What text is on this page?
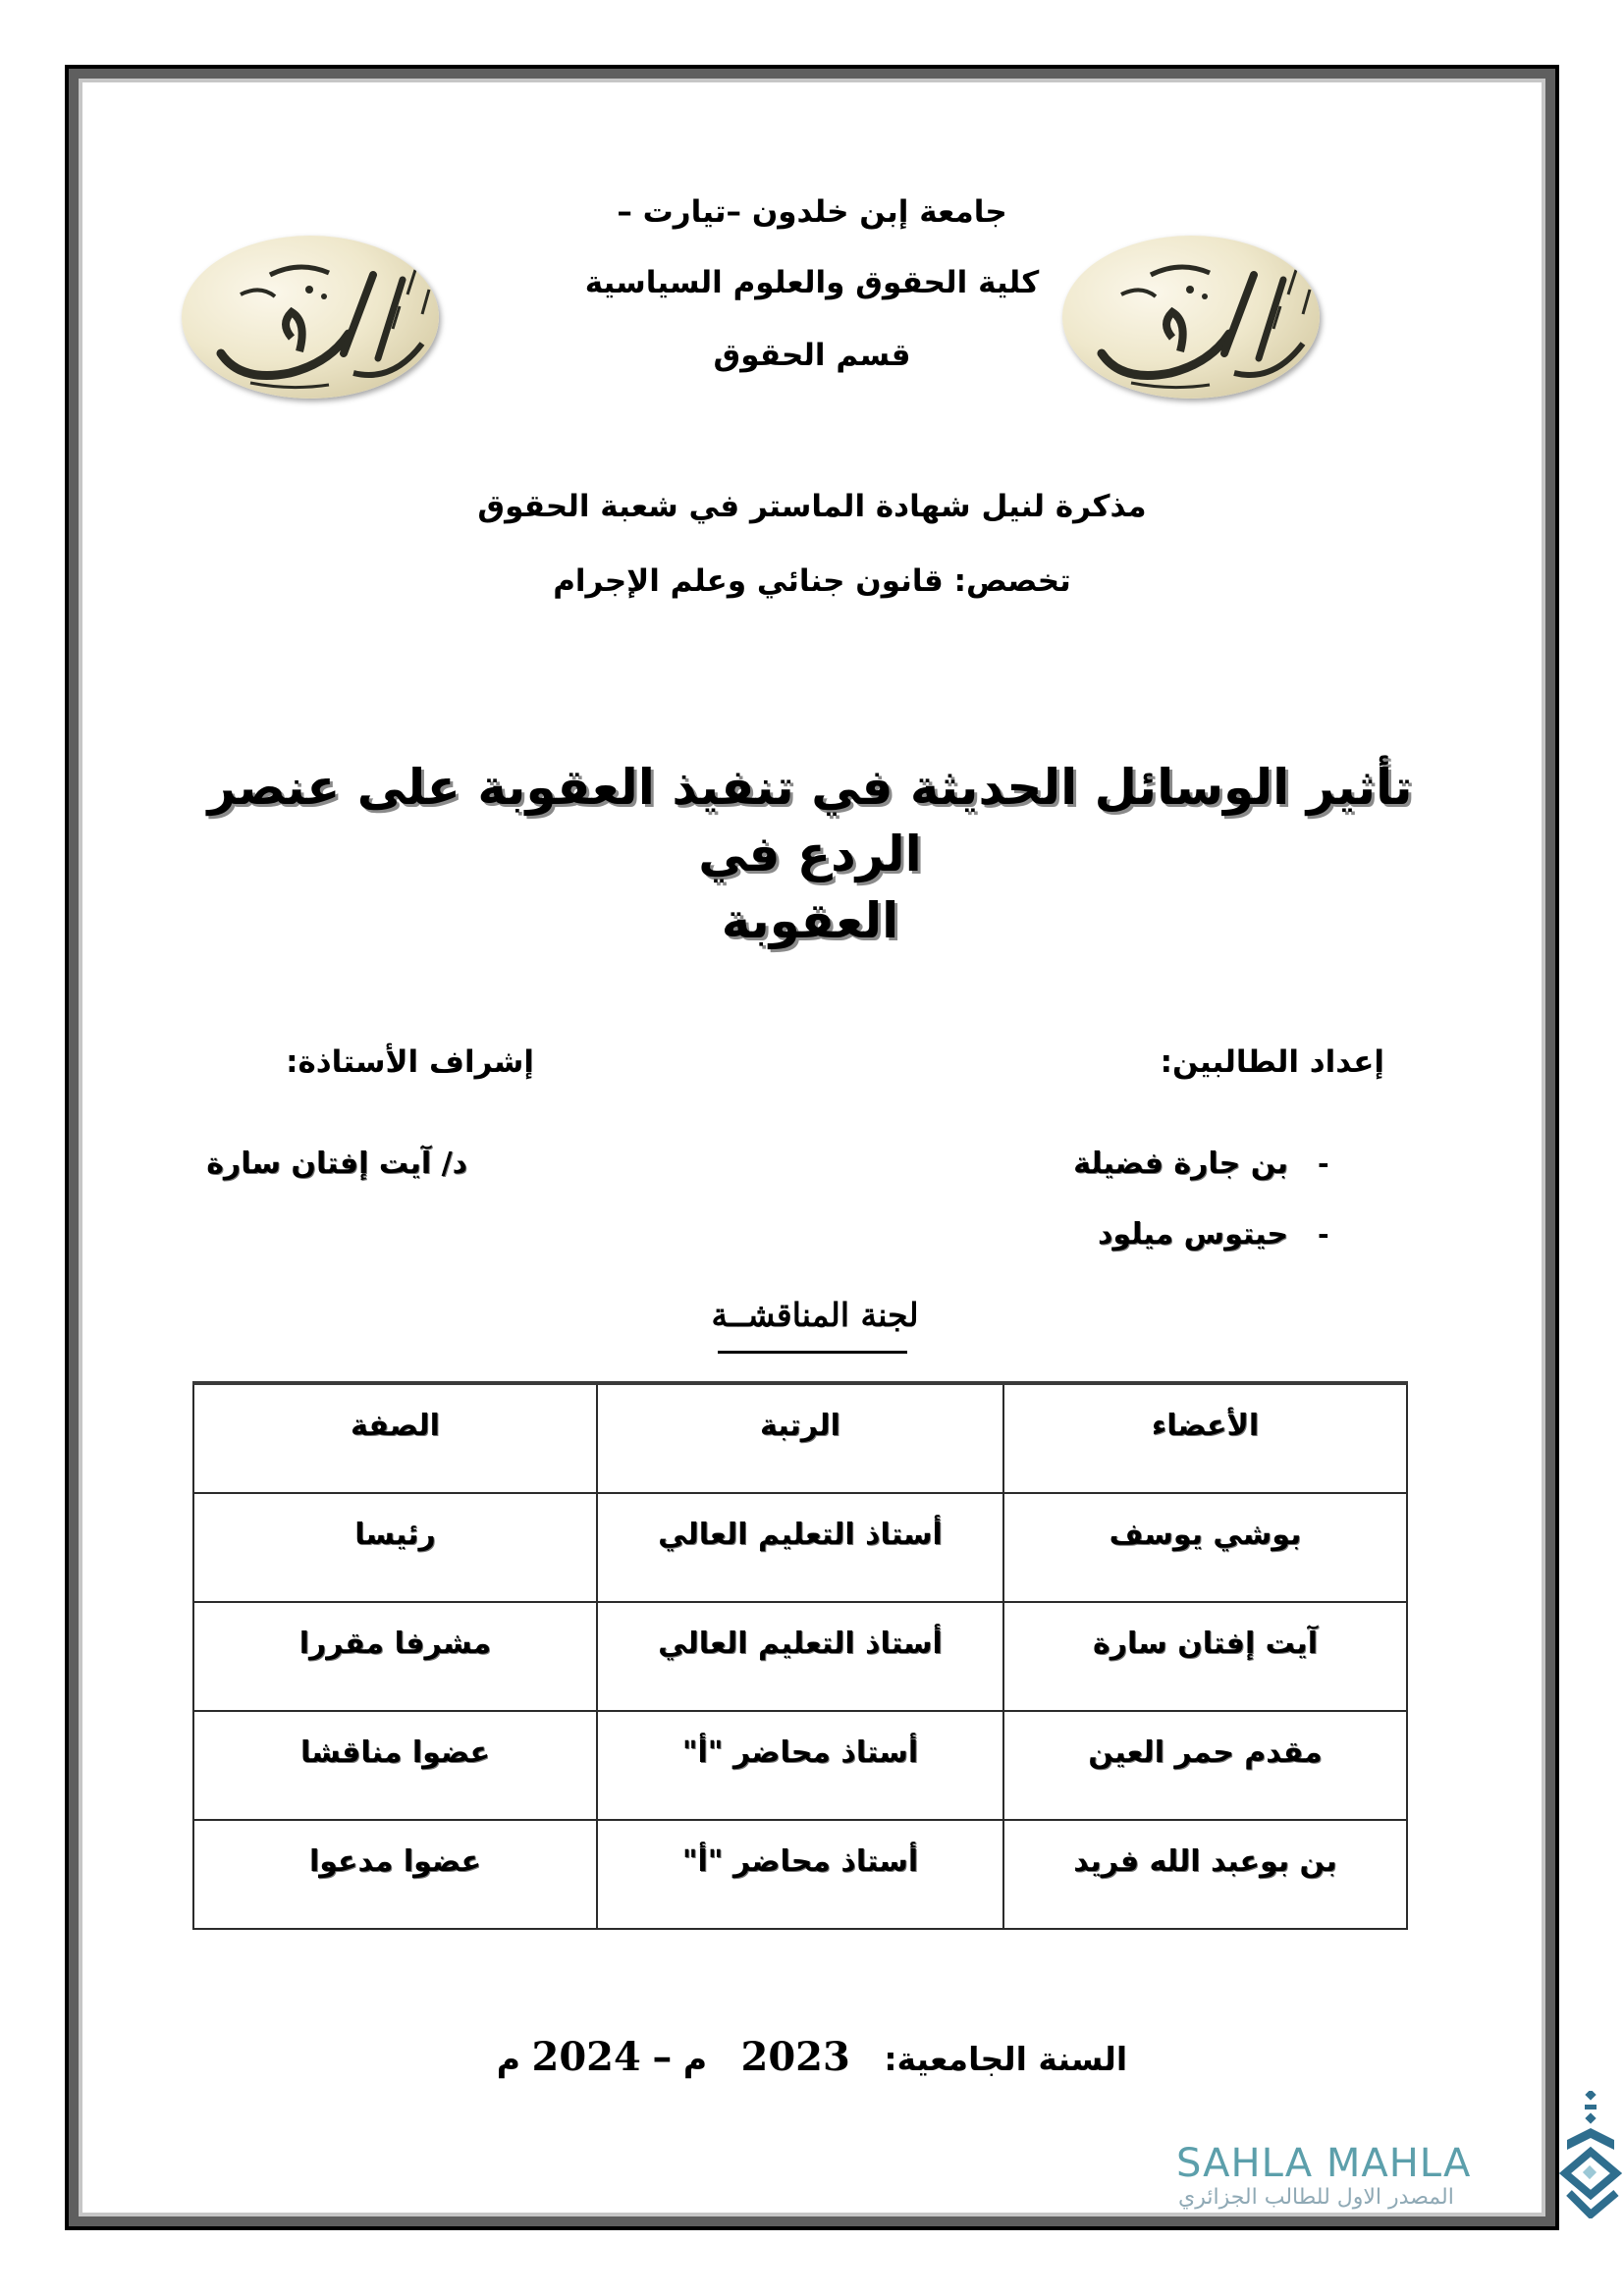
جامعة إبن خلدون –تيارت –
كلية الحقوق والعلوم السياسية
قسم الحقوق
مذكرة لنيل شهادة الماستر في شعبة الحقوق
تخصص: قانون جنائي وعلم الإجرام
تأثير الوسائل الحديثة في تنفيذ العقوبة على عنصر الردع في
العقوبة
إعداد الطالبين:
إشراف الأستاذة:
-
بن جارة فضيلة
-
حيتوس ميلود
د/ آيت إفتان سارة
لجنة المناقشــة
الأعضاء	الرتبة	الصفة
بوشي يوسف	أستاذ التعليم العالي	رئيسا
آيت إفتان سارة	أستاذ التعليم العالي	مشرفا مقررا
مقدم حمر العين	أستاذ محاضر "أ"	عضوا مناقشا
بن بوعبد الله فريد	أستاذ محاضر "أ"	عضوا مدعوا
السنة الجامعية:   2023   م – 2024 م
SAHLA MAHLA
المصدر الاول للطالب الجزائري
